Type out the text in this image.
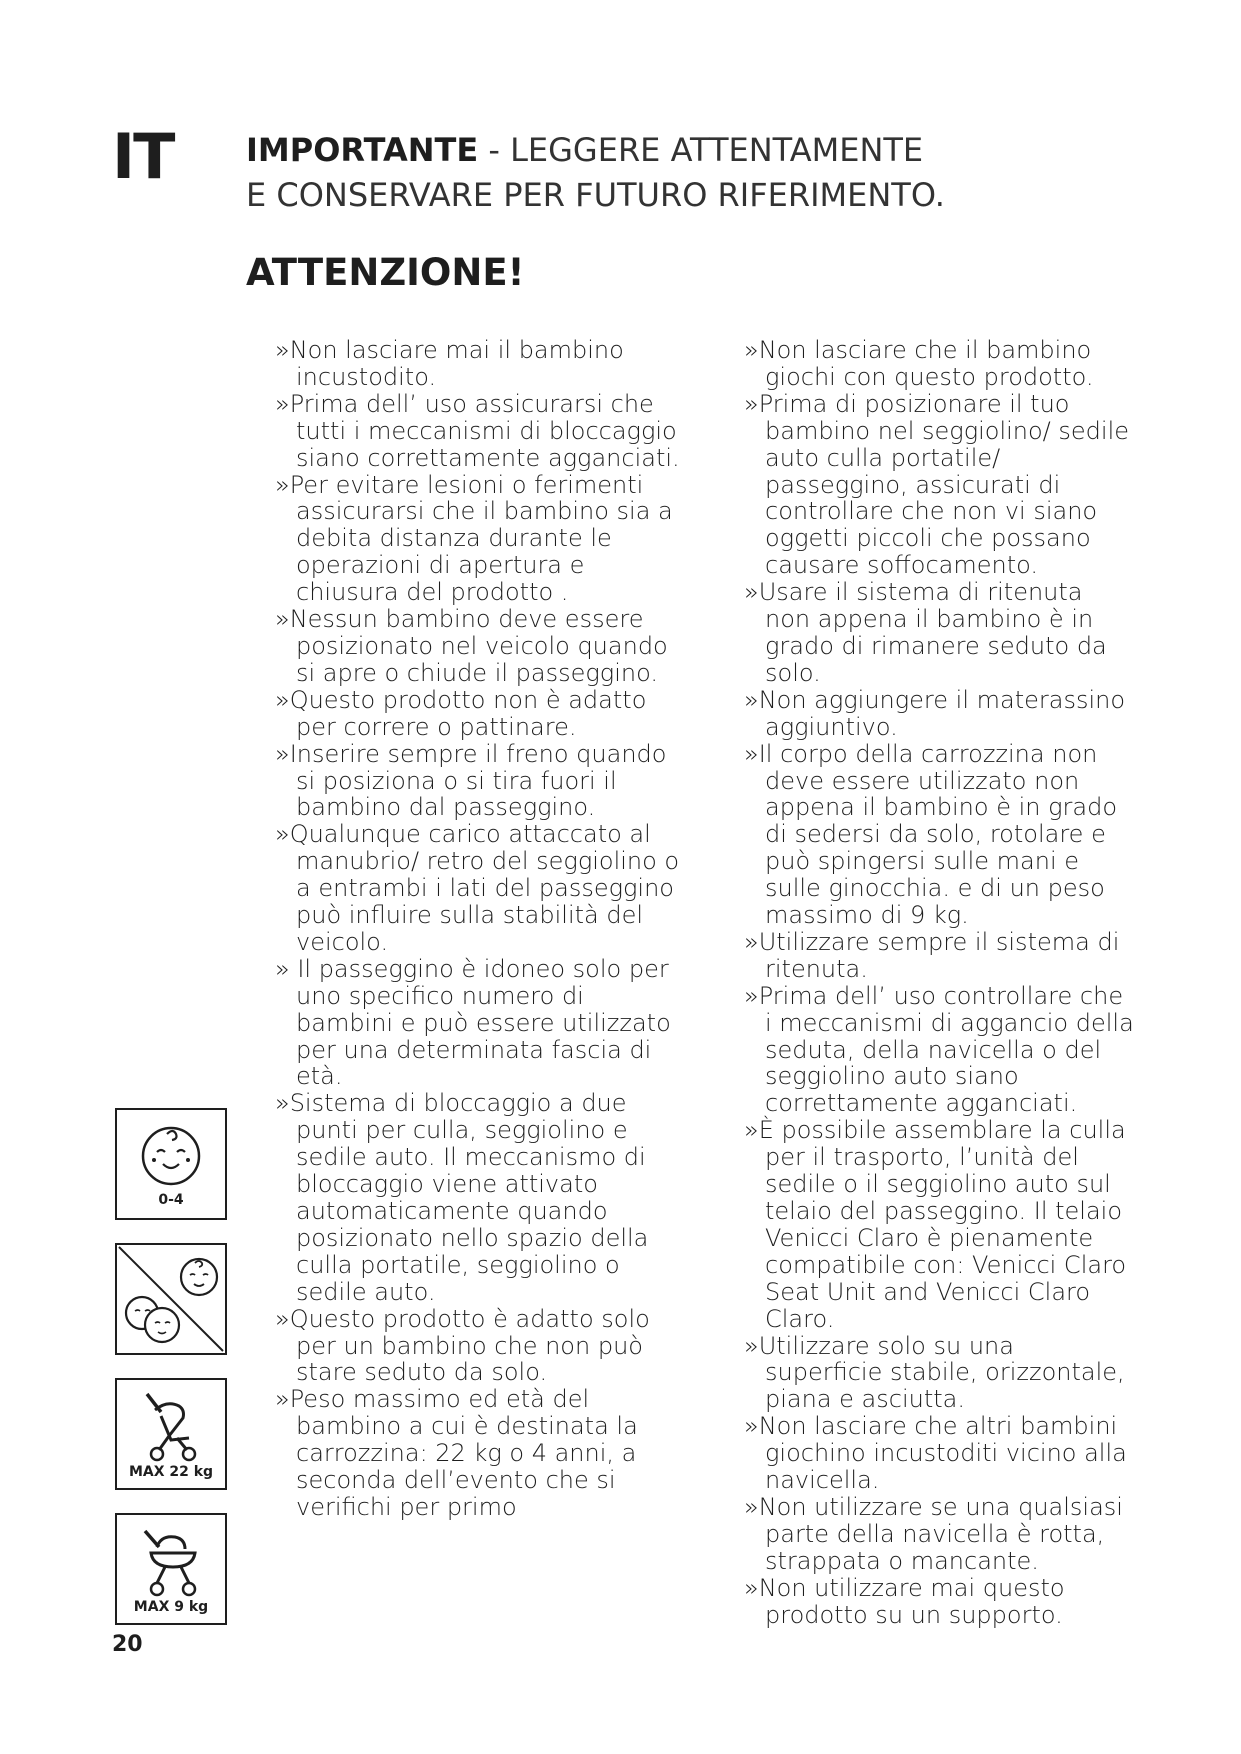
IT IMPORTANTE - LEGGERE ATTENTAMENTE
E CONSERVARE PER FUTURO RIFERIMENTO.
ATTENZIONE!
» Non lasciare mai il bambino incustodito.
» Prima dell’ uso assicurarsi che tutti i meccanismi di bloccaggio siano correttamente agganciati.
» Per evitare lesioni o ferimenti assicurarsi che il bambino sia a debita distanza durante le operazioni di apertura e chiusura del prodotto .
» Nessun bambino deve essere posizionato nel veicolo quando si apre o chiude il passeggino.
» Questo prodotto non è adatto per correre o pattinare.
» Inserire sempre il freno quando si posiziona o si tira fuori il bambino dal passeggino.
» Qualunque carico attaccato al manubrio/ retro del seggiolino o a entrambi i lati del passeggino può influire sulla stabilità del veicolo.
» Il passeggino è idoneo solo per uno specifico numero di bambini e può essere utilizzato per una determinata fascia di età.
» Sistema di bloccaggio a due punti per culla, seggiolino e sedile auto. Il meccanismo di bloccaggio viene attivato automaticamente quando posizionato nello spazio della culla portatile, seggiolino o sedile auto.
» Questo prodotto è adatto solo per un bambino che non può stare seduto da solo.
» Peso massimo ed età del bambino a cui è destinata la carrozzina: 22 kg o 4 anni, a seconda dell’evento che si verifichi per primo
» Non lasciare che il bambino giochi con questo prodotto.
» Prima di posizionare il tuo bambino nel seggiolino/ sedile auto culla portatile/ passeggino, assicurati di controllare che non vi siano oggetti piccoli che possano causare soffocamento.
» Usare il sistema di ritenuta non appena il bambino è in grado di rimanere seduto da solo.
» Non aggiungere il materassino aggiuntivo.
» Il corpo della carrozzina non deve essere utilizzato non appena il bambino è in grado di sedersi da solo, rotolare e può spingersi sulle mani e sulle ginocchia. e di un peso massimo di 9 kg.
» Utilizzare sempre il sistema di ritenuta.
» Prima dell’ uso controllare che i meccanismi di aggancio della seduta, della navicella o del seggiolino auto siano correttamente agganciati.
» È possibile assemblare la culla per il trasporto, l’unità del sedile o il seggiolino auto sul telaio del passeggino. Il telaio Venicci Claro è pienamente compatibile con: Venicci Claro Seat Unit and Venicci Claro Claro.
» Utilizzare solo su una superficie stabile, orizzontale, piana e asciutta.
» Non lasciare che altri bambini giochino incustoditi vicino alla navicella.
» Non utilizzare se una qualsiasi parte della navicella è rotta, strappata o mancante.
» Non utilizzare mai questo prodotto su un supporto.
0-4
MAX 22 kg
MAX 9 kg
20
